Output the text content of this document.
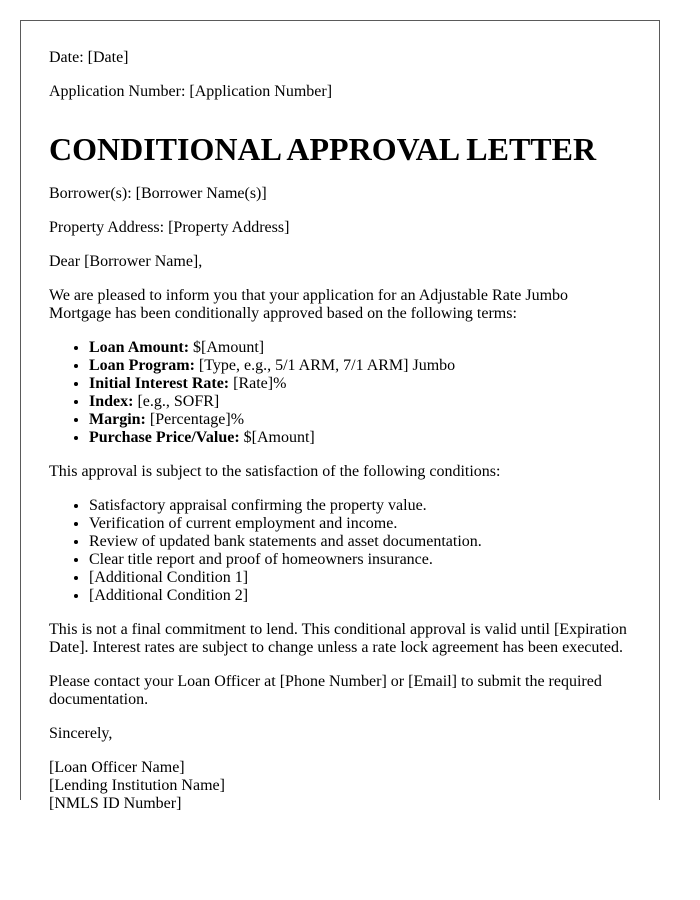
Date: [Date]

Application Number: [Application Number]

CONDITIONAL APPROVAL LETTER

Borrower(s): [Borrower Name(s)]

Property Address: [Property Address]

Dear [Borrower Name],

We are pleased to inform you that your application for an Adjustable Rate Jumbo Mortgage has been conditionally approved based on the following terms:

• Loan Amount: $[Amount]
• Loan Program: [Type, e.g., 5/1 ARM, 7/1 ARM] Jumbo
• Initial Interest Rate: [Rate]%
• Index: [e.g., SOFR]
• Margin: [Percentage]%
• Purchase Price/Value: $[Amount]

This approval is subject to the satisfaction of the following conditions:

• Satisfactory appraisal confirming the property value.
• Verification of current employment and income.
• Review of updated bank statements and asset documentation.
• Clear title report and proof of homeowners insurance.
• [Additional Condition 1]
• [Additional Condition 2]

This is not a final commitment to lend. This conditional approval is valid until [Expiration Date]. Interest rates are subject to change unless a rate lock agreement has been executed.

Please contact your Loan Officer at [Phone Number] or [Email] to submit the required documentation.

Sincerely,

[Loan Officer Name]
[Lending Institution Name]
[NMLS ID Number]
